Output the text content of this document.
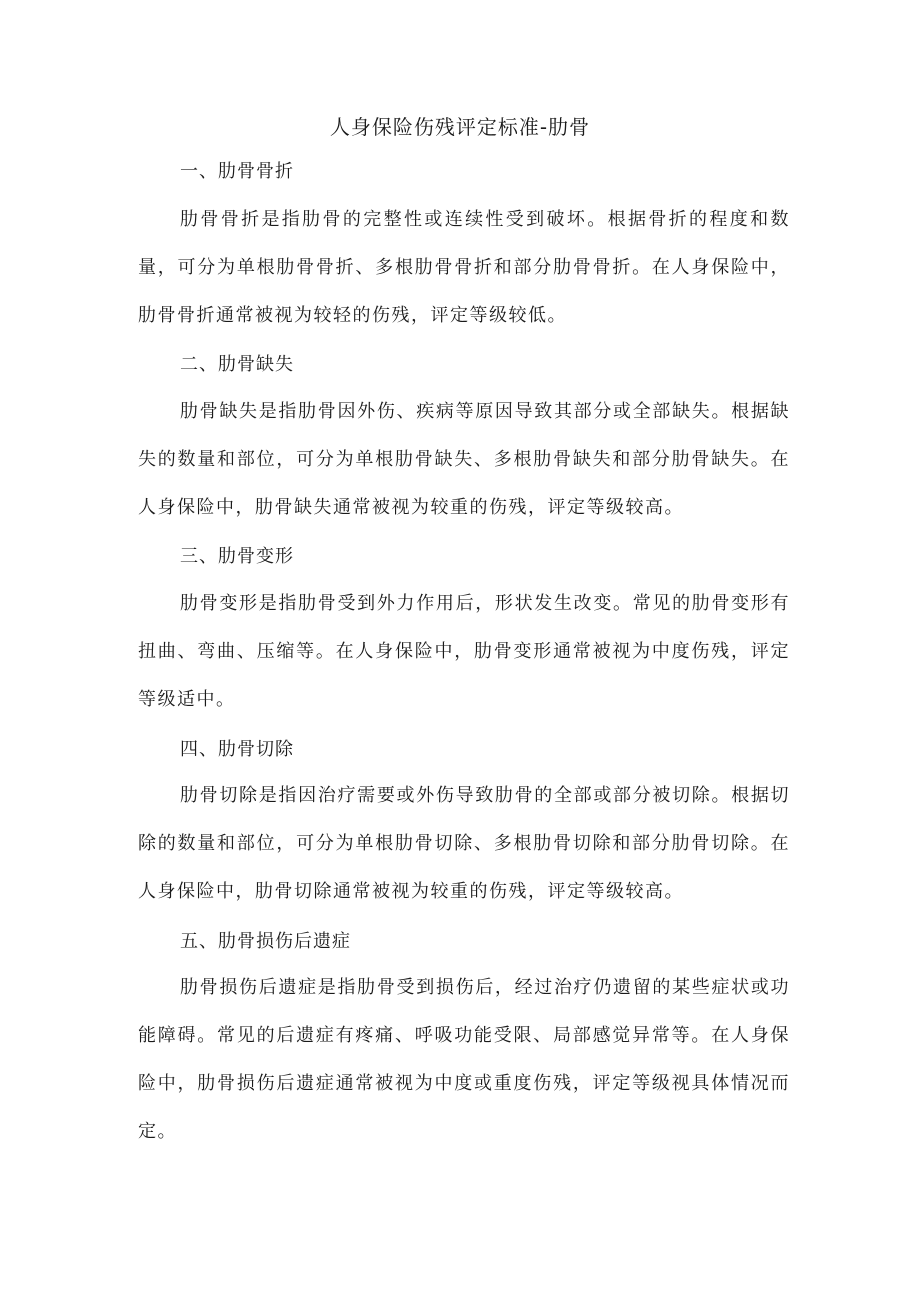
人身保险伤残评定标准-肋骨
一、肋骨骨折

肋骨骨折是指肋骨的完整性或连续性受到破坏。根据骨折的程度和数量，可分为单根肋骨骨折、多根肋骨骨折和部分肋骨骨折。在人身保险中，肋骨骨折通常被视为较轻的伤残，评定等级较低。

二、肋骨缺失

肋骨缺失是指肋骨因外伤、疾病等原因导致其部分或全部缺失。根据缺失的数量和部位，可分为单根肋骨缺失、多根肋骨缺失和部分肋骨缺失。在人身保险中，肋骨缺失通常被视为较重的伤残，评定等级较高。

三、肋骨变形

肋骨变形是指肋骨受到外力作用后，形状发生改变。常见的肋骨变形有扭曲、弯曲、压缩等。在人身保险中，肋骨变形通常被视为中度伤残，评定等级适中。

四、肋骨切除

肋骨切除是指因治疗需要或外伤导致肋骨的全部或部分被切除。根据切除的数量和部位，可分为单根肋骨切除、多根肋骨切除和部分肋骨切除。在人身保险中，肋骨切除通常被视为较重的伤残，评定等级较高。

五、肋骨损伤后遗症

肋骨损伤后遗症是指肋骨受到损伤后，经过治疗仍遗留的某些症状或功能障碍。常见的后遗症有疼痛、呼吸功能受限、局部感觉异常等。在人身保险中，肋骨损伤后遗症通常被视为中度或重度伤残，评定等级视具体情况而定。
